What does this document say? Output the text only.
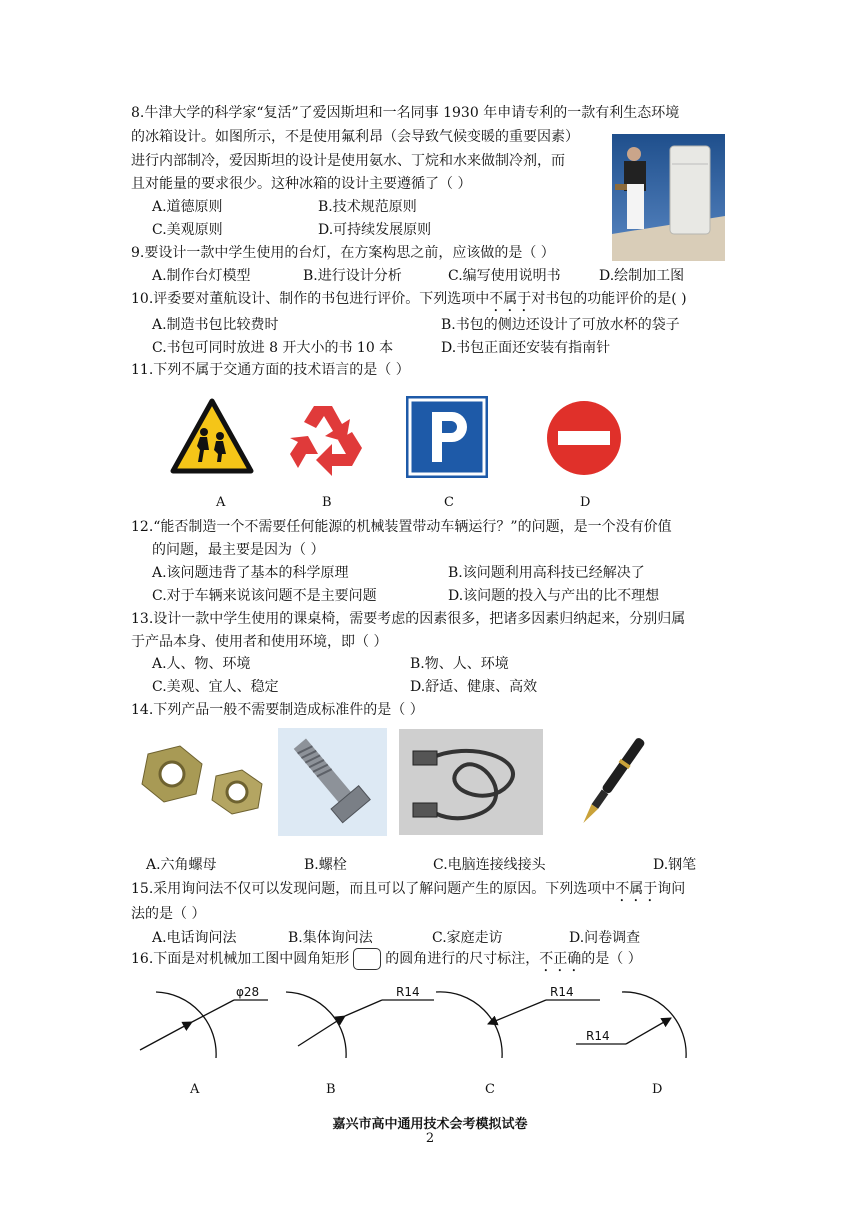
8.牛津大学的科学家“复活”了爱因斯坦和一名同事 1930 年申请专利的一款有利生态环境
的冰箱设计。如图所示，不是使用氟利昂（会导致气候变暖的重要因素）
进行内部制冷，爱因斯坦的设计是使用氨水、丁烷和水来做制冷剂，而
且对能量的要求很少。这种冰箱的设计主要遵循了（ ）
A.道德原则	B.技术规范原则
C.美观原则	D.可持续发展原则
9.要设计一款中学生使用的台灯，在方案构思之前，应该做的是（ ）
A.制作台灯模型	B.进行设计分析	C.编写使用说明书	D.绘制加工图
10.评委要对董航设计、制作的书包进行评价。下列选项中不属于对书包的功能评价的是( )
A.制造书包比较费时	B.书包的侧边还设计了可放水杯的袋子
C.书包可同时放进 8 开大小的书 10 本	D.书包正面还安装有指南针
11.下列不属于交通方面的技术语言的是（ ）
A	B	C	D
12.“能否制造一个不需要任何能源的机械装置带动车辆运行？”的问题，是一个没有价值
的问题，最主要是因为（ ）
A.该问题违背了基本的科学原理	B.该问题利用高科技已经解决了
C.对于车辆来说该问题不是主要问题	D.该问题的投入与产出的比不理想
13.设计一款中学生使用的课桌椅，需要考虑的因素很多，把诸多因素归纳起来，分别归属
于产品本身、使用者和使用环境，即（ ）
A.人、物、环境	B.物、人、环境
C.美观、宜人、稳定	D.舒适、健康、高效
14.下列产品一般不需要制造成标准件的是（ ）
A.六角螺母	B.螺栓	C.电脑连接线接头	D.钢笔
15.采用询问法不仅可以发现问题，而且可以了解问题产生的原因。下列选项中不属于询问
法的是（ ）
A.电话询问法	B.集体询问法	C.家庭走访	D.问卷调查
16.下面是对机械加工图中圆角矩形	的圆角进行的尺寸标注，不正确的是（ ）
φ28	R14	R14
R14
A	B	C	D
嘉兴市高中通用技术会考模拟试卷
2
